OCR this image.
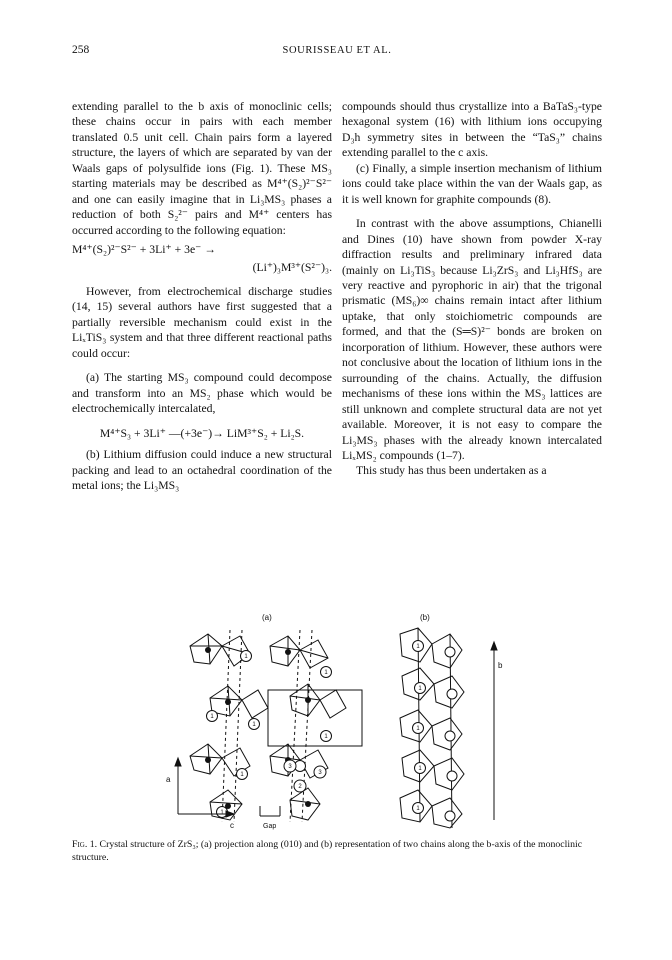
258	SOURISSEAU ET AL.

extending parallel to the b axis of monoclinic cells; these chains occur in pairs with each member translated 0.5 unit cell. Chain pairs form a layered structure, the layers of which are separated by van der Waals gaps of polysulfide ions (Fig. 1). These MS₃ starting materials may be described as M⁴⁺(S₂)²⁻S²⁻ and one can easily imagine that in Li₃MS₃ phases a reduction of both S₂²⁻ pairs and M⁴⁺ centers has occurred according to the following equation:

M⁴⁺(S₂)²⁻S²⁻ + 3Li⁺ + 3e⁻ →

(Li⁺)₃M³⁺(S²⁻)₃.

However, from electrochemical discharge studies (14, 15) several authors have first suggested that a partially reversible mechanism could exist in the LiₓTiS₃ system and that three different reactional paths could occur:

(a) The starting MS₃ compound could decompose and transform into an MS₂ phase which would be electrochemically intercalated,

M⁴⁺S₃ + 3Li⁺ —(+3e⁻)→ LiM³⁺S₂ + Li₂S.

(b) Lithium diffusion could induce a new structural packing and lead to an octahedral coordination of the metal ions; the Li₃MS₃

compounds should thus crystallize into a BaTaS₃-type hexagonal system (16) with lithium ions occupying D₃h symmetry sites in between the “TaS₃” chains extending parallel to the c axis.

(c) Finally, a simple insertion mechanism of lithium ions could take place within the van der Waals gap, as it is well known for graphite compounds (8).

In contrast with the above assumptions, Chianelli and Dines (10) have shown from powder X-ray diffraction results and preliminary infrared data (mainly on Li₃TiS₃ because Li₃ZrS₃ and Li₃HfS₃ are very reactive and pyrophoric in air) that the trigonal prismatic (MS₆)∞ chains remain intact after lithium uptake, that only stoichiometric compounds are formed, and that the (S═S)²⁻ bonds are broken on incorporation of lithium. However, these authors were not conclusive about the location of lithium ions in the surrounding of the chains. Actually, the diffusion mechanisms of these ions within the MS₃ lattices are still unknown and complete structural data are not yet available. Moreover, it is not easy to compare the Li₃MS₃ phases with the already known intercalated LiₓMS₂ compounds (1–7).

This study has thus been undertaken as a

(a)	(b)
1
1
1
1
1
1
1
3
2
3
a
c	Gap
1
1
1
1
1
b
Fig. 1. Crystal structure of ZrS₃; (a) projection along (010) and (b) representation of two chains along the b-axis of the monoclinic structure.
